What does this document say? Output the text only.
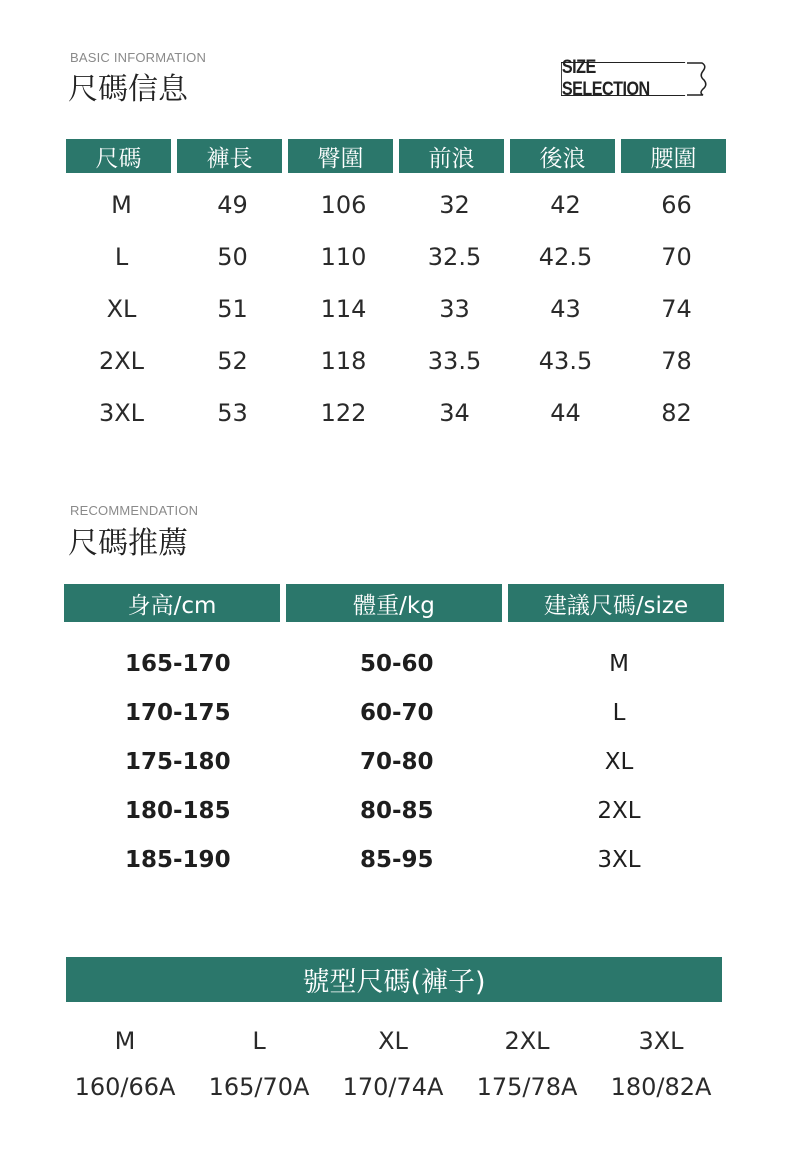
BASIC INFORMATION
尺碼信息
SIZE SELECTION
尺碼	褲長	臀圍	前浪	後浪	腰圍
M	49	106	32	42	66
L	50	110	32.5	42.5	70
XL	51	114	33	43	74
2XL	52	118	33.5	43.5	78
3XL	53	122	34	44	82
RECOMMENDATION
尺碼推薦
身高/cm	體重/kg	建議尺碼/size
165-170	50-60	M
170-175	60-70	L
175-180	70-80	XL
180-185	80-85	2XL
185-190	85-95	3XL
號型尺碼(褲子)
M	L	XL	2XL	3XL
160/66A	165/70A	170/74A	175/78A	180/82A
